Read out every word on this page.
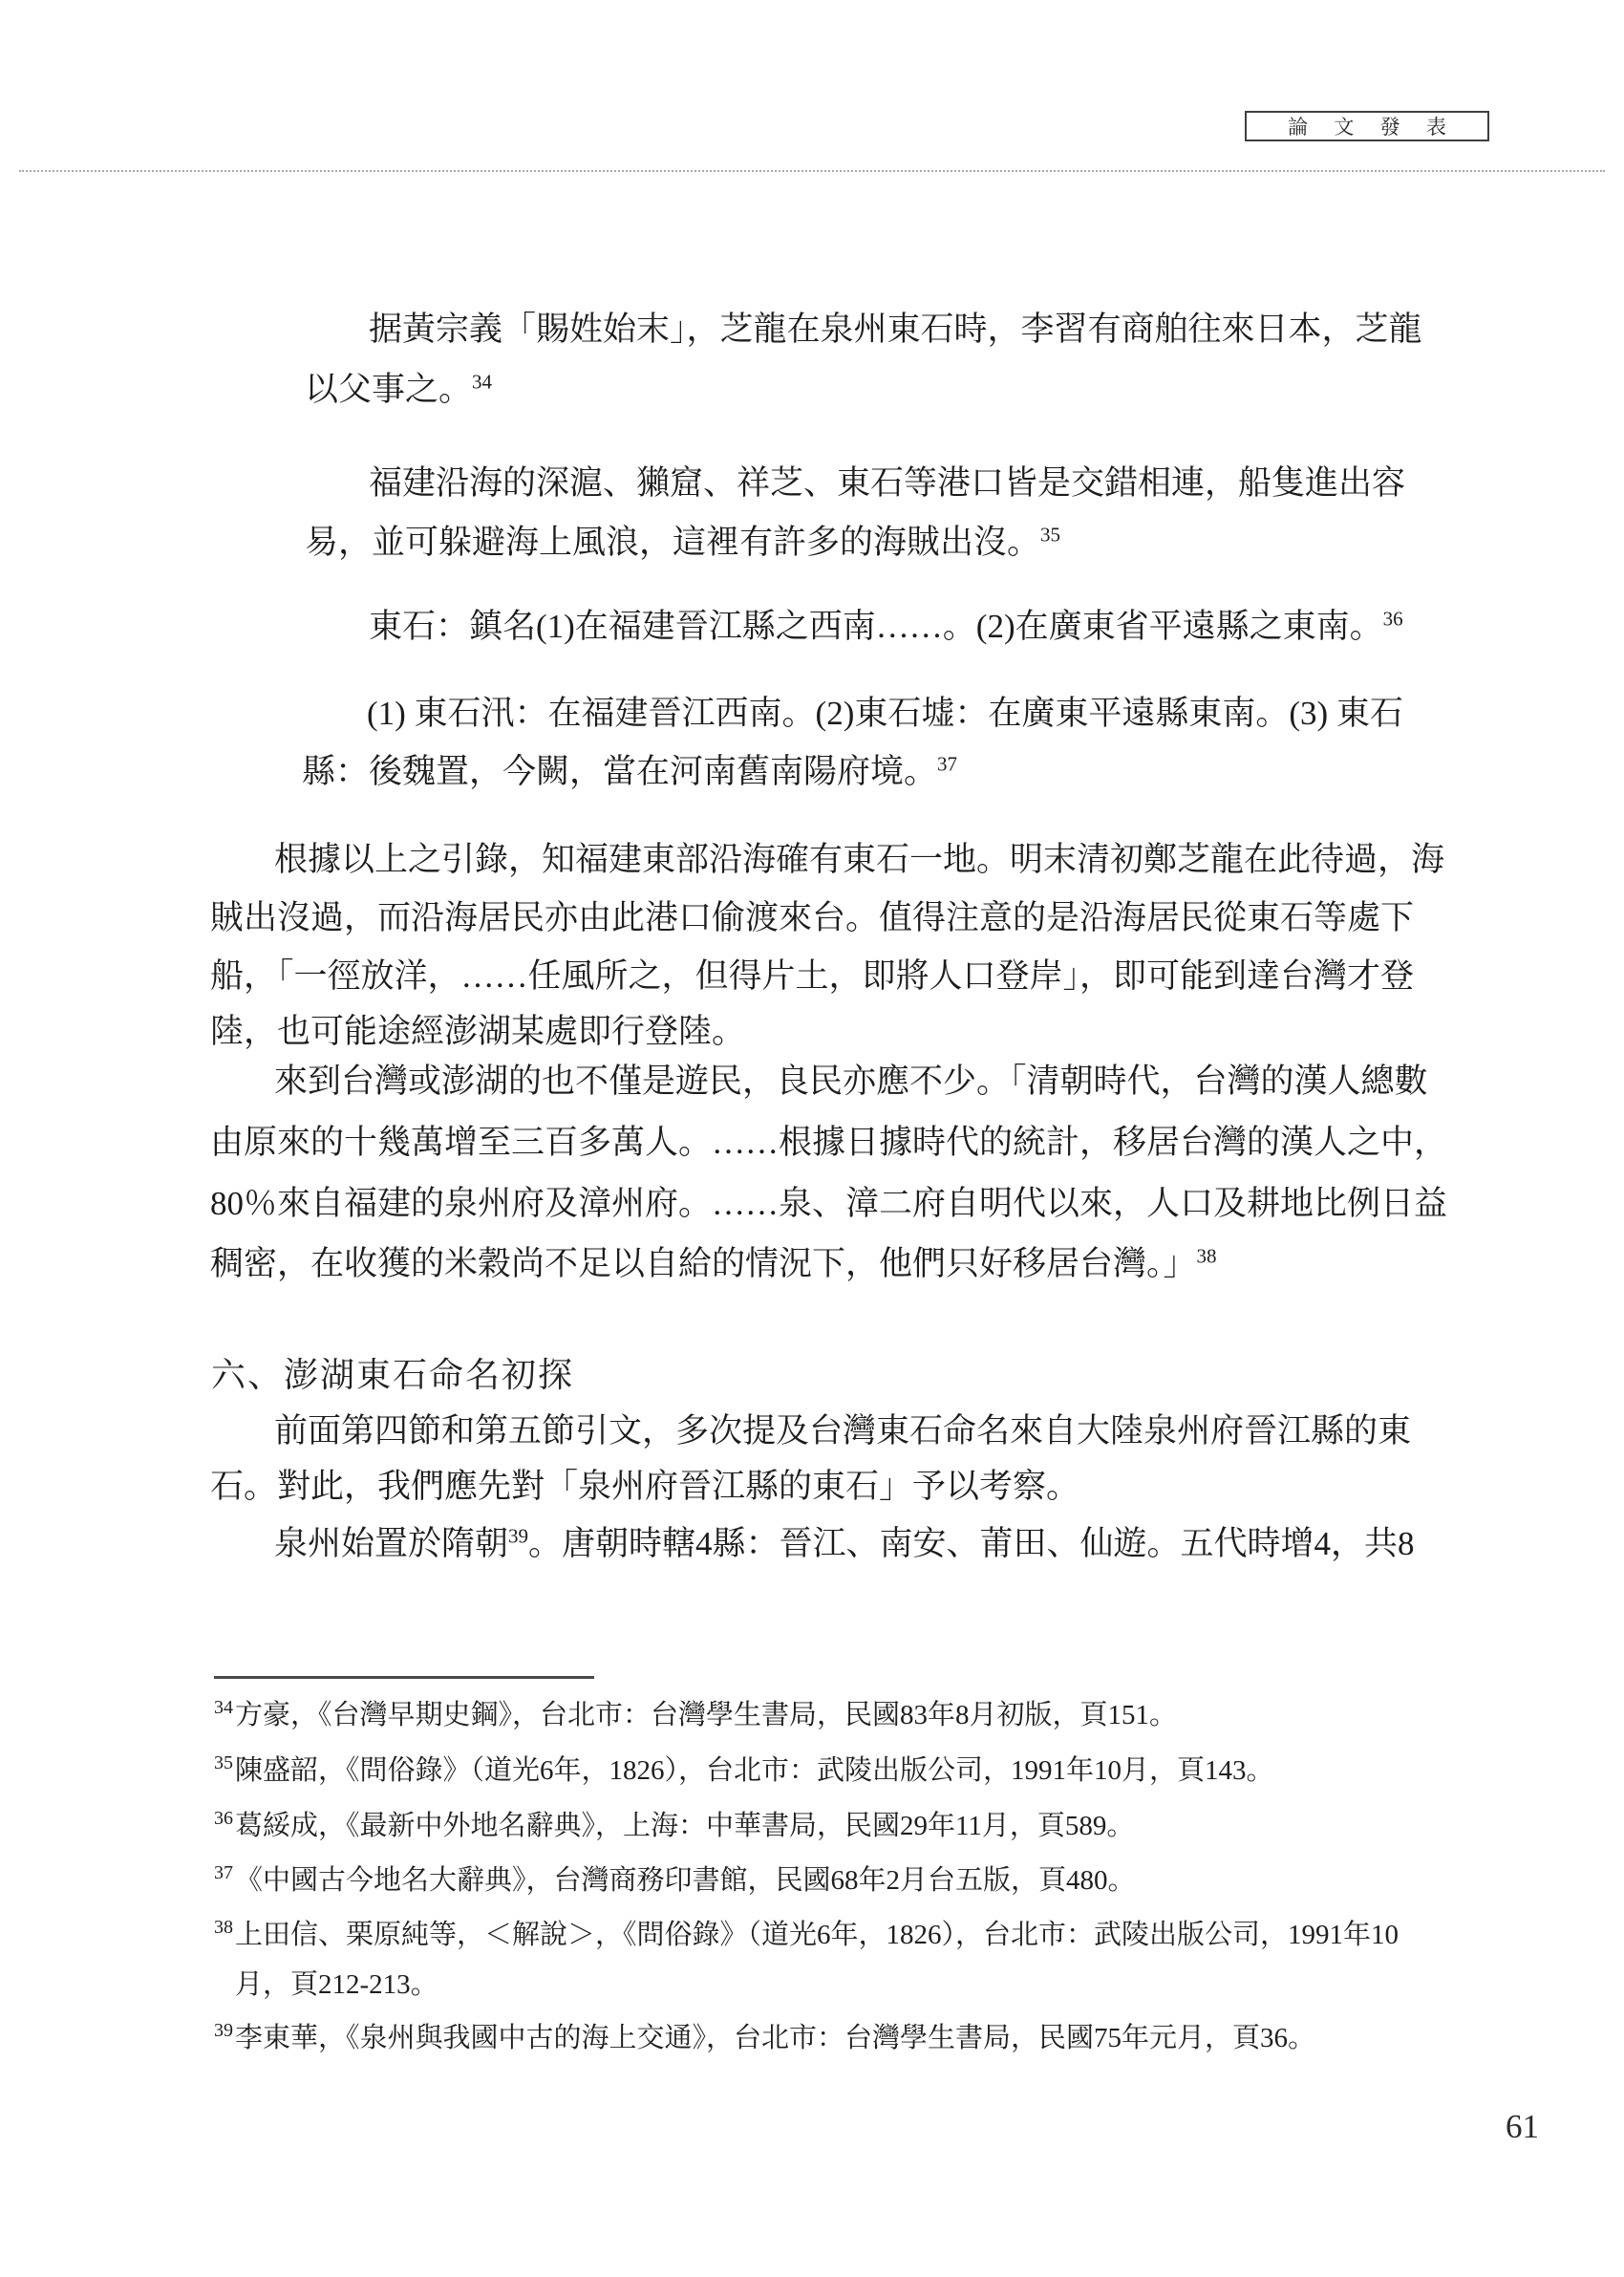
論 文 發 表
据黃宗義「賜姓始末」，芝龍在泉州東石時，李習有商舶往來日本，芝龍
以父事之。$^{34}$
福建沿海的深滬、獺窟、祥芝、東石等港口皆是交錯相連，船隻進出容
易，並可躲避海上風浪，這裡有許多的海賊出沒。$^{35}$
東石：鎮名(1)在福建晉江縣之西南……。(2)在廣東省平遠縣之東南。$^{36}$
(1) 東石汛：在福建晉江西南。(2)東石墟：在廣東平遠縣東南。(3) 東石
縣：後魏置，今闕，當在河南舊南陽府境。$^{37}$
根據以上之引錄，知福建東部沿海確有東石一地。明末清初鄭芝龍在此待過，海
賊出沒過，而沿海居民亦由此港口偷渡來台。值得注意的是沿海居民從東石等處下
船，「一徑放洋，……任風所之，但得片土，即將人口登岸」，即可能到達台灣才登
陸，也可能途經澎湖某處即行登陸。
來到台灣或澎湖的也不僅是遊民，良民亦應不少。「清朝時代，台灣的漢人總數
由原來的十幾萬增至三百多萬人。……根據日據時代的統計，移居台灣的漢人之中，
80％來自福建的泉州府及漳州府。……泉、漳二府自明代以來，人口及耕地比例日益
稠密，在收獲的米穀尚不足以自給的情況下，他們只好移居台灣。」$^{38}$
六、澎湖東石命名初探
前面第四節和第五節引文，多次提及台灣東石命名來自大陸泉州府晉江縣的東
石。對此，我們應先對「泉州府晉江縣的東石」予以考察。
泉州始置於隋朝$^{39}$。唐朝時轄4縣：晉江、南安、莆田、仙遊。五代時增4，共8
$^{34}$方豪，《台灣早期史鋼》，台北市：台灣學生書局，民國83年8月初版，頁151。
$^{35}$陳盛韶，《問俗錄》（道光6年，1826），台北市：武陵出版公司，1991年10月，頁143。
$^{36}$葛綏成，《最新中外地名辭典》，上海：中華書局，民國29年11月，頁589。
$^{37}$《中國古今地名大辭典》，台灣商務印書館，民國68年2月台五版，頁480。
$^{38}$上田信、栗原純等，＜解說＞，《問俗錄》（道光6年，1826），台北市：武陵出版公司，1991年10
月，頁212-213。
$^{39}$李東華，《泉州與我國中古的海上交通》，台北市：台灣學生書局，民國75年元月，頁36。
61
